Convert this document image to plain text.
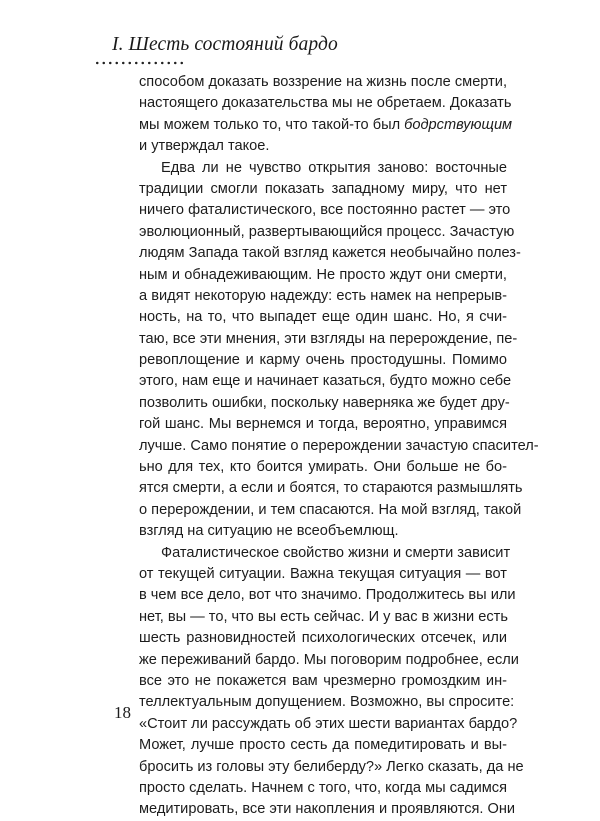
I. Шесть состояний бардо
способом доказать воззрение на жизнь после смерти,
настоящего доказательства мы не обретаем. Доказать
мы можем только то, что такой-то был бодрствующим
и утверждал такое.
Едва ли не чувство открытия заново: восточные
традиции смогли показать западному миру, что нет
ничего фаталистического, все постоянно растет — это
эволюционный, развертывающийся процесс. Зачастую
людям Запада такой взгляд кажется необычайно полез-
ным и обнадеживающим. Не просто ждут они смерти,
а видят некоторую надежду: есть намек на непрерыв-
ность, на то, что выпадет еще один шанс. Но, я счи-
таю, все эти мнения, эти взгляды на перерождение, пе-
ревоплощение и карму очень простодушны. Помимо
этого, нам еще и начинает казаться, будто можно себе
позволить ошибки, поскольку наверняка же будет дру-
гой шанс. Мы вернемся и тогда, вероятно, управимся
лучше. Само понятие о перерождении зачастую спасител-
ьно для тех, кто боится умирать. Они больше не бо-
ятся смерти, а если и боятся, то стараются размышлять
о перерождении, и тем спасаются. На мой взгляд, такой
взгляд на ситуацию не всеобъемлющ.
Фаталистическое свойство жизни и смерти зависит
от текущей ситуации. Важна текущая ситуация — вот
в чем все дело, вот что значимо. Продолжитесь вы или
нет, вы — то, что вы есть сейчас. И у вас в жизни есть
шесть разновидностей психологических отсечек, или
же переживаний бардо. Мы поговорим подробнее, если
все это не покажется вам чрезмерно громоздким ин-
теллектуальным допущением. Возможно, вы спросите:
«Стоит ли рассуждать об этих шести вариантах бардо?
Может, лучше просто сесть да помедитировать и вы-
бросить из головы эту белиберду?» Легко сказать, да не
просто сделать. Начнем с того, что, когда мы садимся
медитировать, все эти накопления и проявляются. Они
18
